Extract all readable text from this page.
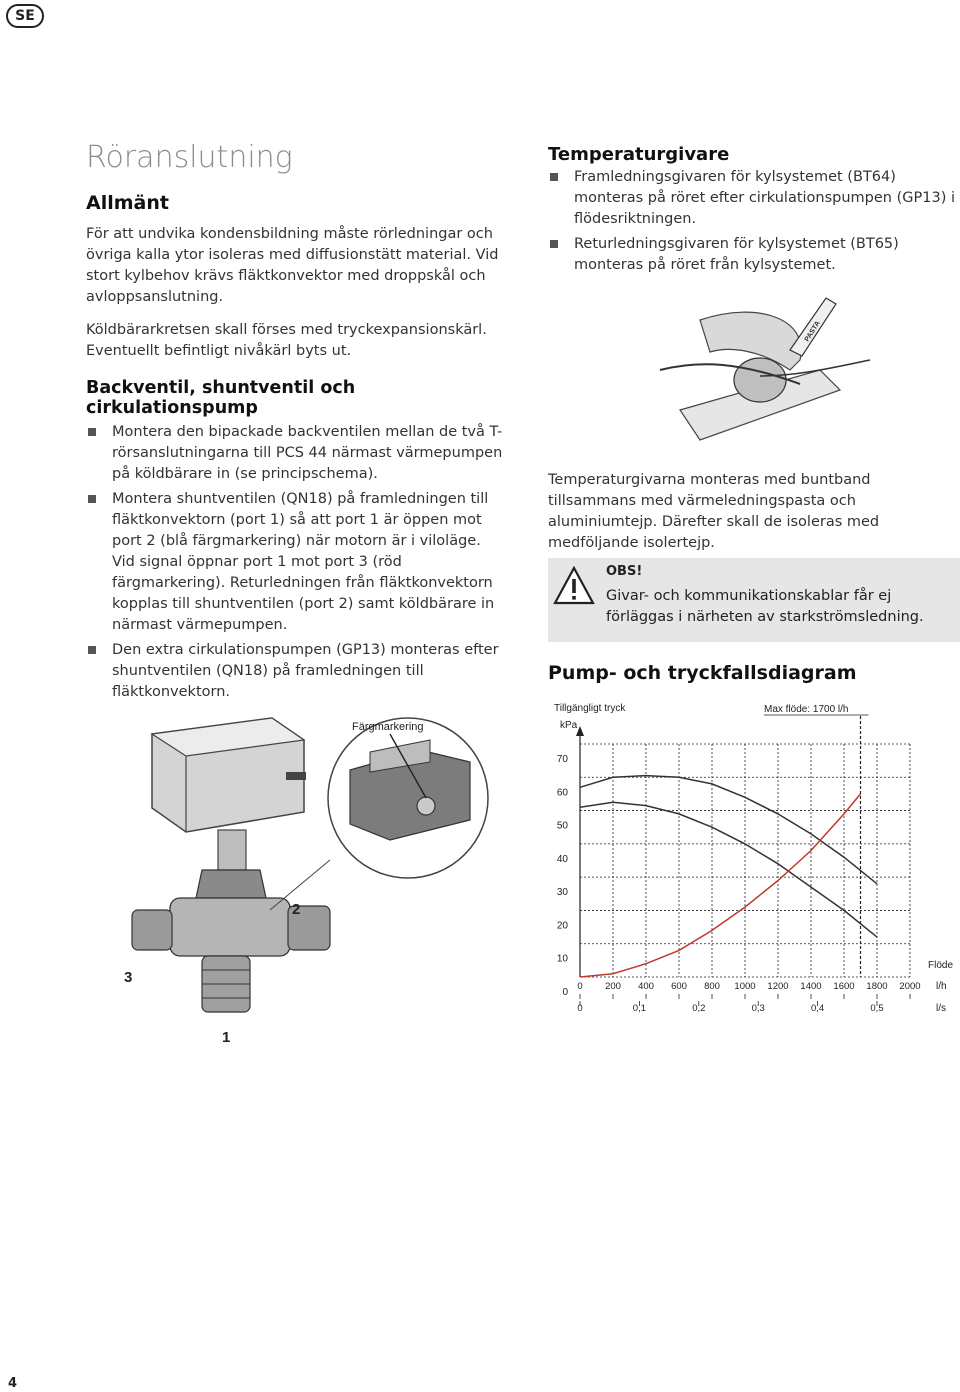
SE
Röranslutning
Allmänt

För att undvika kondensbildning måste rörledningar och övriga kalla ytor isoleras med diffusionstätt material. Vid stort kylbehov krävs fläktkonvektor med droppskål och avloppsanslutning.

Köldbärarkretsen skall förses med tryckexpansionskärl. Eventuellt befintligt nivåkärl byts ut.

Backventil, shuntventil och cirkulationspump
Montera den bipackade backventilen mellan de två T-rörsanslutningarna till PCS 44 närmast värmepumpen på köldbärare in (se principschema).
Montera shuntventilen (QN18) på framledningen till fläktkonvektorn (port 1) så att port 1 är öppen mot port 2 (blå färgmarkering) när motorn är i viloläge. Vid signal öppnar port 1 mot port 3 (röd färgmarkering). Returledningen från fläktkonvektorn kopplas till shuntventilen (port 2) samt köldbärare in närmast värmepumpen.
Den extra cirkulationspumpen (GP13) monteras efter shuntventilen (QN18) på framledningen till fläktkonvektorn.
Färgmarkering
2
3
1
Temperaturgivare
Framledningsgivaren för kylsystemet (BT64) monteras på röret efter cirkulationspumpen (GP13) i flödesriktningen.
Returledningsgivaren för kylsystemet (BT65) monteras på röret från kylsystemet.
PASTA

Temperaturgivarna monteras med buntband tillsammans med värmeledningspasta och aluminiumtejp. Därefter skall de isoleras med medföljande isolertejp.

OBS!
Givar- och kommunikationskablar får ej förläggas i närheten av starkströmsledning.
Pump- och tryckfallsdiagram
0
10
20
30
40
50
60
70
Tillgängligt tryck
kPa
0 200 400 600 800 1000 1200 1400 1600 1800 2000
0	0,1	0,2	0,3	0,4	0,5
Flöde
l/h
l/s
Max flöde: 1700 l/h
4
